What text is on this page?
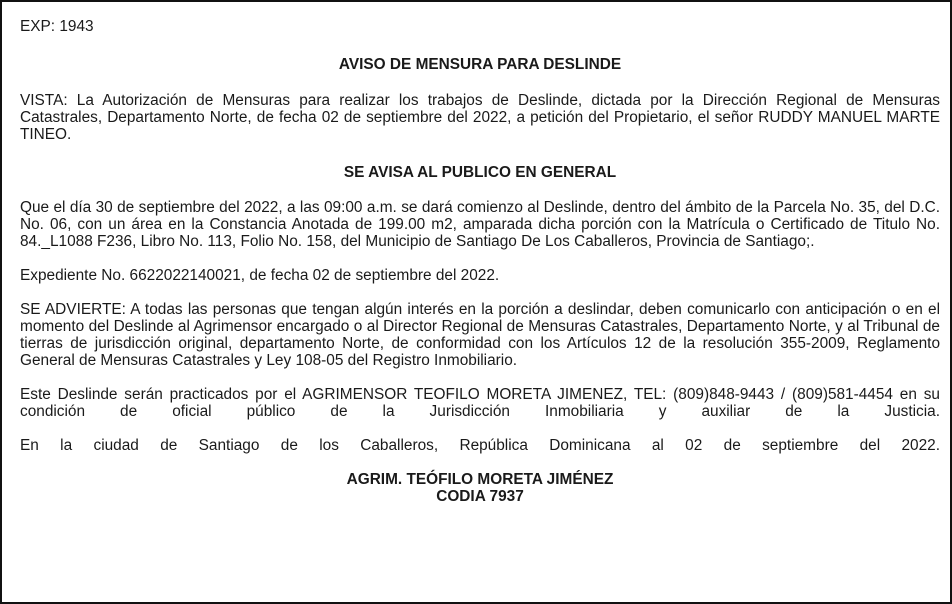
EXP: 1943

AVISO DE MENSURA PARA DESLINDE

VISTA: La Autorización de Mensuras para realizar los trabajos de Deslinde, dictada por la Dirección Regional de Mensuras Catastrales, Departamento Norte, de fecha 02 de septiembre del 2022, a petición del Propietario, el señor RUDDY MANUEL MARTE TINEO.

SE AVISA AL PUBLICO EN GENERAL

Que el día 30 de septiembre del 2022, a las 09:00 a.m. se dará comienzo al Deslinde, dentro del ámbito de la Parcela No. 35, del D.C. No. 06, con un área en la Constancia Anotada de 199.00 m2, amparada dicha porción con la Matrícula o Certificado de Titulo No. 84._L1088 F236, Libro No. 113, Folio No. 158, del Municipio de Santiago De Los Caballeros, Provincia de Santiago;.

Expediente No. 6622022140021, de fecha 02 de septiembre del 2022.

SE ADVIERTE: A todas las personas que tengan algún interés en la porción a deslindar, deben comunicarlo con anticipación o en el momento del Deslinde al Agrimensor encargado o al Director Regional de Mensuras Catastrales, Departamento Norte, y al Tribunal de tierras de jurisdicción original, departamento Norte, de conformidad con los Artículos 12 de la resolución 355-2009, Reglamento General de Mensuras Catastrales y Ley 108-05 del Registro Inmobiliario.

Este Deslinde serán practicados por el AGRIMENSOR TEOFILO MORETA JIMENEZ, TEL: (809)848-9443 / (809)581-4454 en su condición de oficial público de la Jurisdicción Inmobiliaria y auxiliar de la Justicia.

En la ciudad de Santiago de los Caballeros, República Dominicana al 02 de septiembre del 2022.

AGRIM. TEÓFILO MORETA JIMÉNEZ
CODIA 7937
